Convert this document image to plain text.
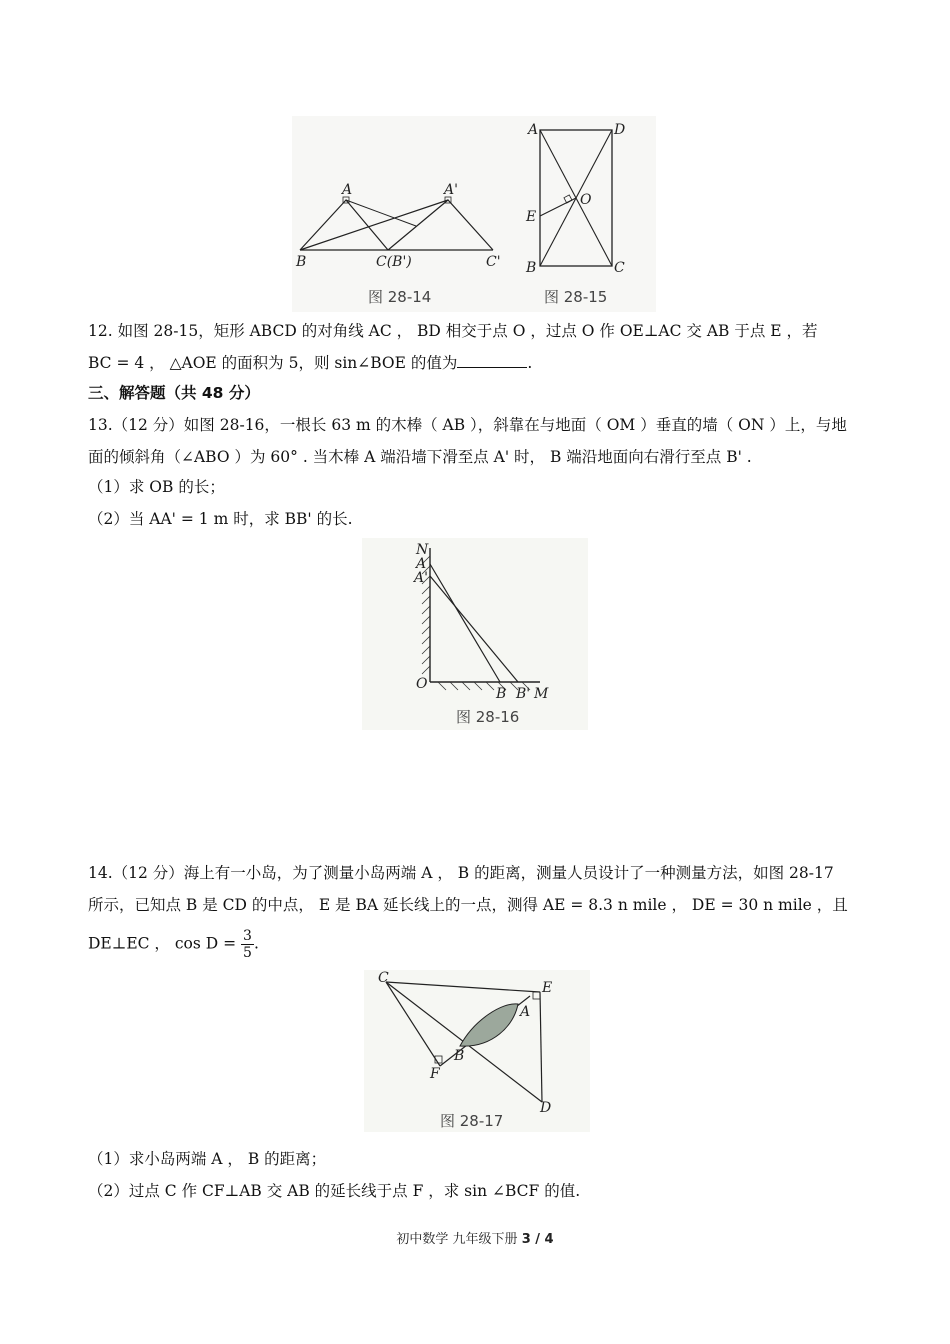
A	A'
B	C(B')	C'
图 28-14
A	D
O
E
B	C
图 28-15
12. 如图 28-15，矩形 ABCD 的对角线 AC ， BD 相交于点 O ，过点 O 作 OE⊥AC 交 AB 于点 E ，若
BC = 4 ， △AOE 的面积为 5，则 sin∠BOE 的值为	.
三、解答题（共 48 分）
13.（12 分）如图 28-16，一根长 63 m 的木棒（ AB ），斜靠在与地面（ OM ）垂直的墙（ ON ）上，与地
面的倾斜角（∠ABO ）为 60° . 当木棒 A 端沿墙下滑至点 A' 时， B 端沿地面向右滑行至点 B' .
（1）求 OB 的长；
（2）当 AA' = 1 m 时，求 BB' 的长.
N
A
A'
O
B B' M
图 28-16
14.（12 分）海上有一小岛，为了测量小岛两端 A ， B 的距离，测量人员设计了一种测量方法，如图 28-17
所示，已知点 B 是 CD 的中点， E 是 BA 延长线上的一点，测得 AE = 8.3 n mile ， DE = 30 n mile ，且
DE⊥EC ， $\cos D = \frac{3}{5}$ .
C
E
A
B
F
D
图 28-17
（1）求小岛两端 A ， B 的距离；
（2）过点 C 作 CF⊥AB 交 AB 的延长线于点 F ，求 sin ∠BCF 的值.
初中数学 九年级下册 3 / 4
